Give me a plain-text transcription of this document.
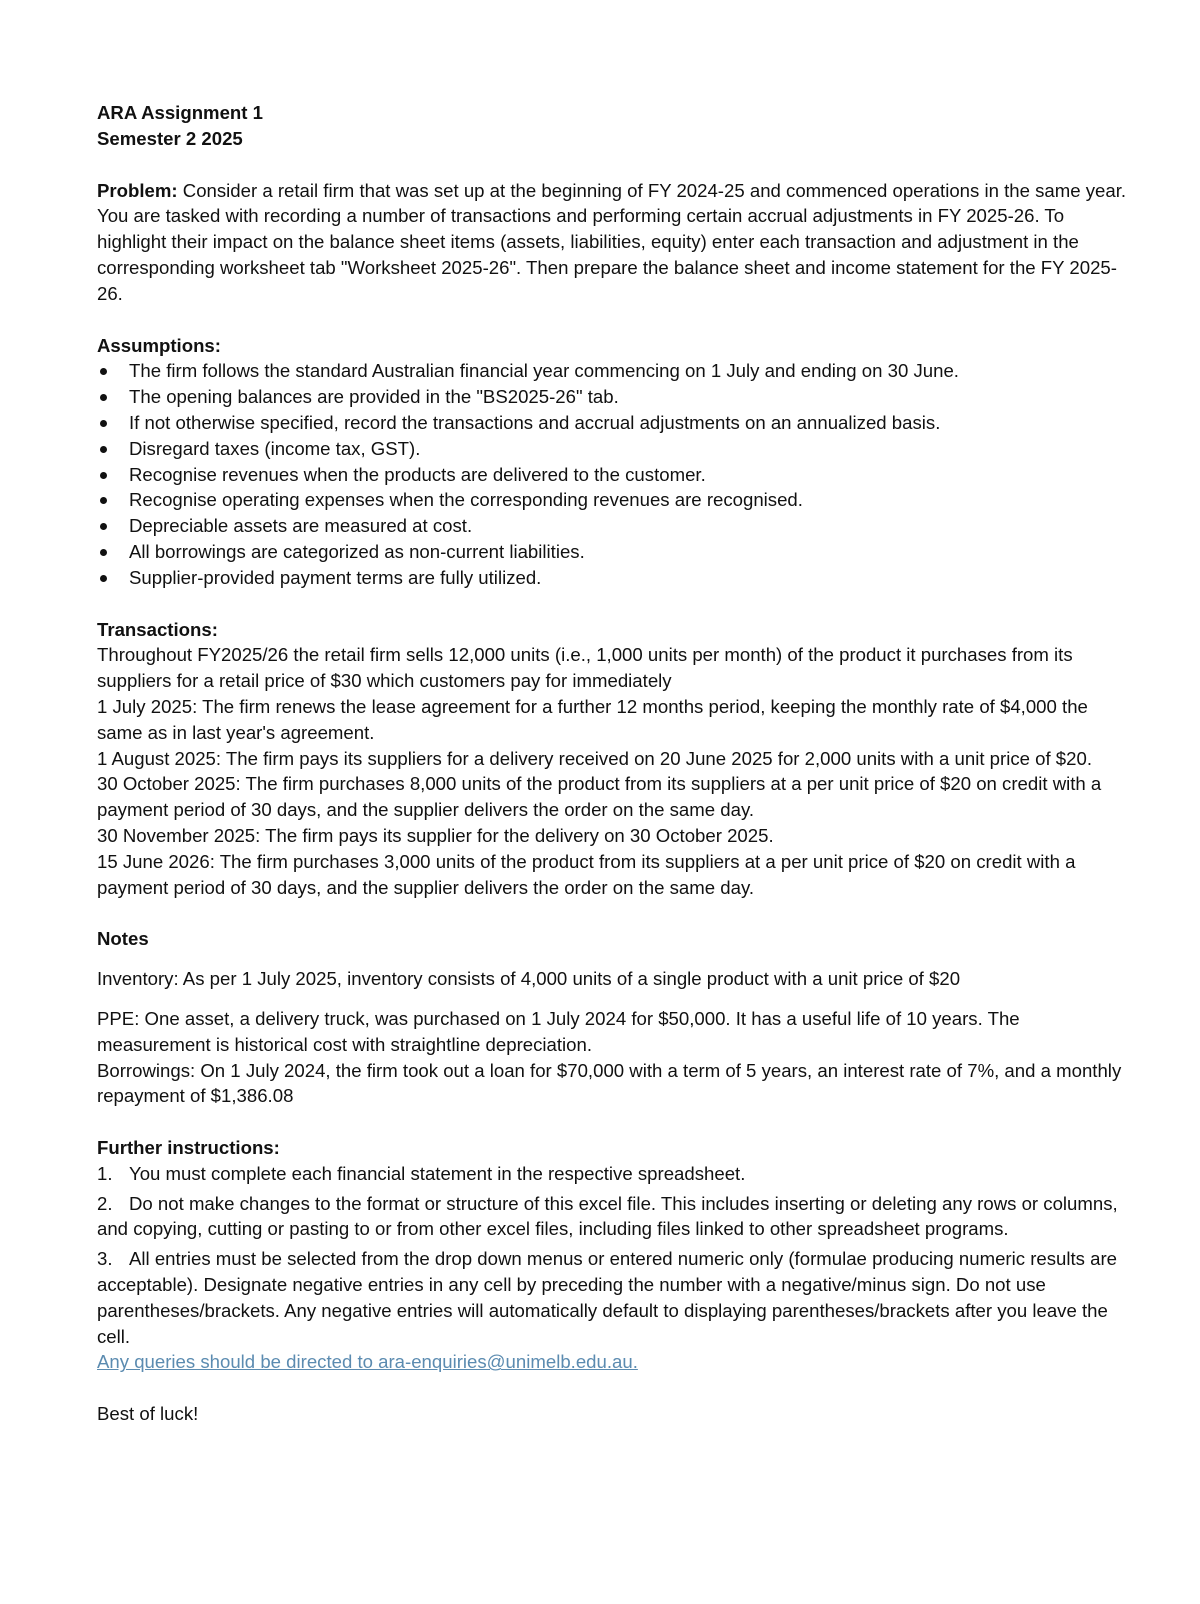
ARA Assignment 1

Semester 2 2025

Problem: Consider a retail firm that was set up at the beginning of FY 2024-25 and commenced operations in the same year. You are tasked with recording a number of transactions and performing certain accrual adjustments in FY 2025-26. To highlight their impact on the balance sheet items (assets, liabilities, equity) enter each transaction and adjustment in the corresponding worksheet tab "Worksheet 2025-26". Then prepare the balance sheet and income statement for the FY 2025-26.

Assumptions:

The firm follows the standard Australian financial year commencing on 1 July and ending on 30 June.
The opening balances are provided in the "BS2025-26" tab.
If not otherwise specified, record the transactions and accrual adjustments on an annualized basis.
Disregard taxes (income tax, GST).
Recognise revenues when the products are delivered to the customer.
Recognise operating expenses when the corresponding revenues are recognised.
Depreciable assets are measured at cost.
All borrowings are categorized as non-current liabilities.
Supplier-provided payment terms are fully utilized.

Transactions:

Throughout FY2025/26 the retail firm sells 12,000 units (i.e., 1,000 units per month) of the product it purchases from its suppliers for a retail price of $30 which customers pay for immediately

1 July 2025: The firm renews the lease agreement for a further 12 months period, keeping the monthly rate of $4,000 the same as in last year's agreement.

1 August 2025: The firm pays its suppliers for a delivery received on 20 June 2025 for 2,000 units with a unit price of $20.

30 October 2025: The firm purchases 8,000 units of the product from its suppliers at a per unit price of $20 on credit with a payment period of 30 days, and the supplier delivers the order on the same day.

30 November 2025: The firm pays its supplier for the delivery on 30 October 2025.

15 June 2026: The firm purchases 3,000 units of the product from its suppliers at a per unit price of $20 on credit with a payment period of 30 days, and the supplier delivers the order on the same day.

Notes

Inventory: As per 1 July 2025, inventory consists of 4,000 units of a single product with a unit price of $20

PPE: One asset, a delivery truck, was purchased on 1 July 2024 for $50,000. It has a useful life of 10 years. The measurement is historical cost with straightline depreciation.

Borrowings: On 1 July 2024, the firm took out a loan for $70,000 with a term of 5 years, an interest rate of 7%, and a monthly repayment of $1,386.08

Further instructions:

1. You must complete each financial statement in the respective spreadsheet.
2. Do not make changes to the format or structure of this excel file. This includes inserting or deleting any rows or columns, and copying, cutting or pasting to or from other excel files, including files linked to other spreadsheet programs.
3. All entries must be selected from the drop down menus or entered numeric only (formulae producing numeric results are acceptable). Designate negative entries in any cell by preceding the number with a negative/minus sign. Do not use parentheses/brackets. Any negative entries will automatically default to displaying parentheses/brackets after you leave the cell.

Any queries should be directed to ara-enquiries@unimelb.edu.au.

Best of luck!
